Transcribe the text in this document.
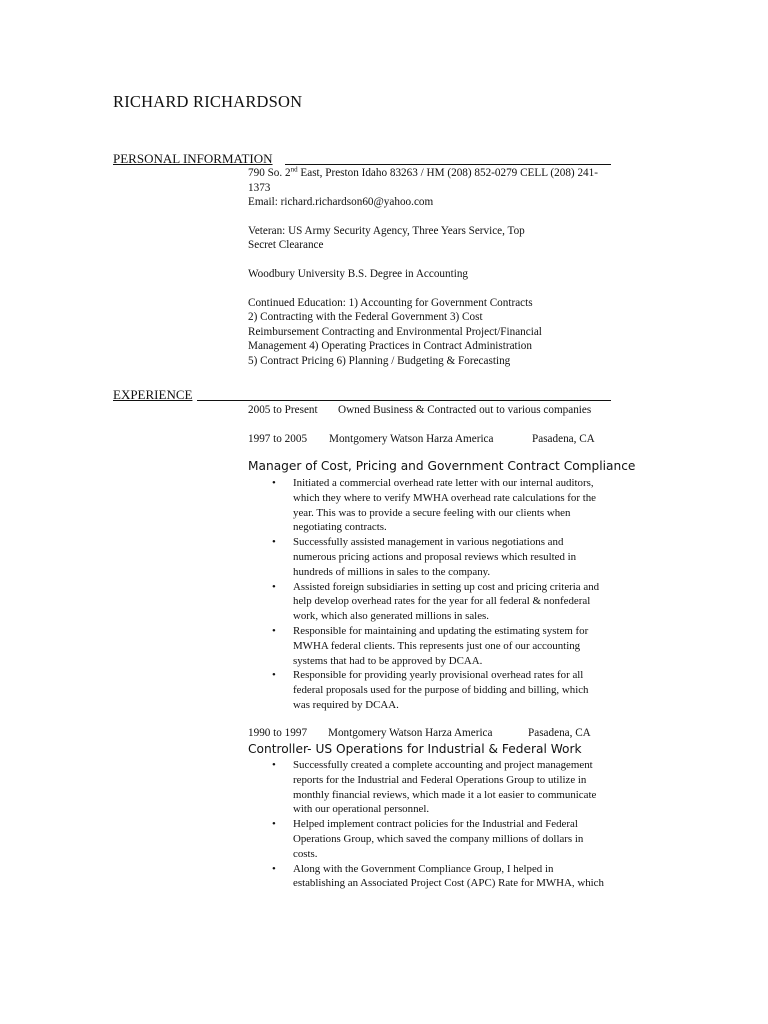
RICHARD RICHARDSON
PERSONAL INFORMATION
790 So. 2nd East, Preston Idaho 83263 / HM (208) 852-0279 CELL (208) 241-
1373
Email: richard.richardson60@yahoo.com
Veteran: US Army Security Agency, Three Years Service, Top
Secret Clearance
Woodbury University B.S. Degree in Accounting
Continued Education: 1) Accounting for Government Contracts
2) Contracting with the Federal Government 3) Cost
Reimbursement Contracting and Environmental Project/Financial
Management 4) Operating Practices in Contract Administration
5) Contract Pricing 6) Planning / Budgeting & Forecasting
EXPERIENCE
2005 to Present Owned Business & Contracted out to various companies
1997 to 2005 Montgomery Watson Harza America	Pasadena, CA
Manager of Cost, Pricing and Government Contract Compliance
• Initiated a commercial overhead rate letter with our internal auditors,
which they where to verify MWHA overhead rate calculations for the
year. This was to provide a secure feeling with our clients when
negotiating contracts.
• Successfully assisted management in various negotiations and
numerous pricing actions and proposal reviews which resulted in
hundreds of millions in sales to the company.
• Assisted foreign subsidiaries in setting up cost and pricing criteria and
help develop overhead rates for the year for all federal & nonfederal
work, which also generated millions in sales.
• Responsible for maintaining and updating the estimating system for
MWHA federal clients. This represents just one of our accounting
systems that had to be approved by DCAA.
• Responsible for providing yearly provisional overhead rates for all
federal proposals used for the purpose of bidding and billing, which
was required by DCAA.
1990 to 1997 Montgomery Watson Harza America	Pasadena, CA
Controller- US Operations for Industrial & Federal Work
• Successfully created a complete accounting and project management
reports for the Industrial and Federal Operations Group to utilize in
monthly financial reviews, which made it a lot easier to communicate
with our operational personnel.
• Helped implement contract policies for the Industrial and Federal
Operations Group, which saved the company millions of dollars in
costs.
• Along with the Government Compliance Group, I helped in
establishing an Associated Project Cost (APC) Rate for MWHA, which
